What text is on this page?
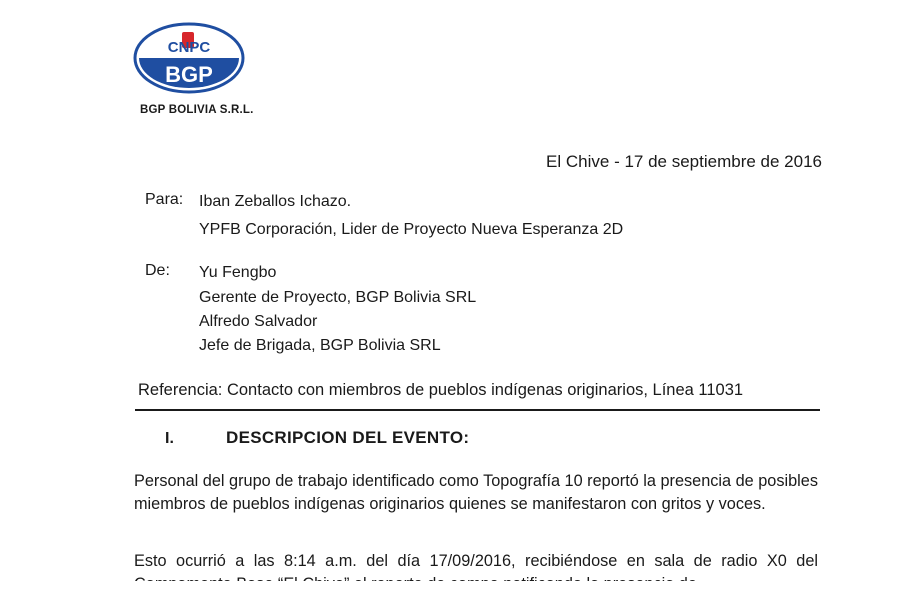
CNPC
BGP
BGP BOLIVIA S.R.L.
El Chive - 17 de septiembre de 2016
Para: Iban Zeballos Ichazo.
YPFB Corporación, Lider de Proyecto Nueva Esperanza 2D
De: Yu Fengbo
Gerente de Proyecto, BGP Bolivia SRL
Alfredo Salvador
Jefe de Brigada, BGP Bolivia SRL
Referencia: Contacto con miembros de pueblos indígenas originarios, Línea 11031
I.	DESCRIPCION DEL EVENTO:

Personal del grupo de trabajo identificado como Topografía 10 reportó la presencia de posibles miembros de pueblos indígenas originarios quienes se manifestaron con gritos y voces.

Esto ocurrió a las 8:14 a.m. del día 17/09/2016, recibiéndose en sala de radio X0 del
